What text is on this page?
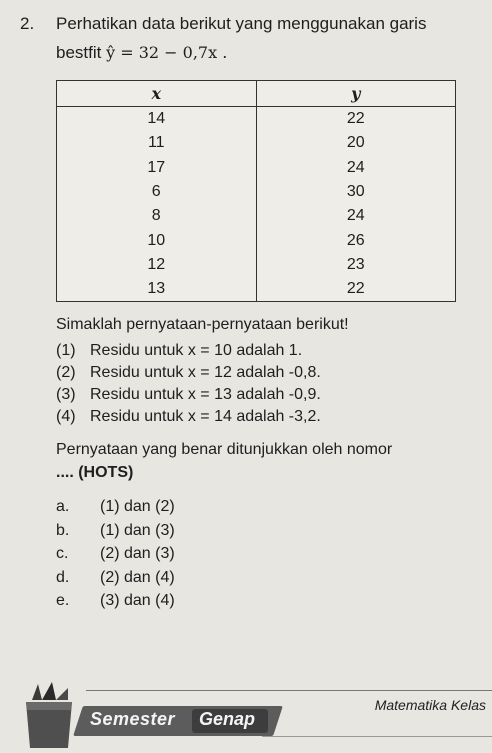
2. Perhatikan data berikut yang menggunakan garis
bestfit ŷ = 32 − 0,7x .
x	y
14	22
11	20
17	24
6	30
8	24
10	26
12	23
13	22
Simaklah pernyataan-pernyataan berikut!
(1) Residu untuk x = 10 adalah 1.
(2) Residu untuk x = 12 adalah -0,8.
(3) Residu untuk x = 13 adalah -0,9.
(4) Residu untuk x = 14 adalah -3,2.
Pernyataan yang benar ditunjukkan oleh nomor
.... (HOTS)
a. (1) dan (2)
b. (1) dan (3)
c. (2) dan (3)
d. (2) dan (4)
e. (3) dan (4)
Semester Genap
Matematika Kelas
